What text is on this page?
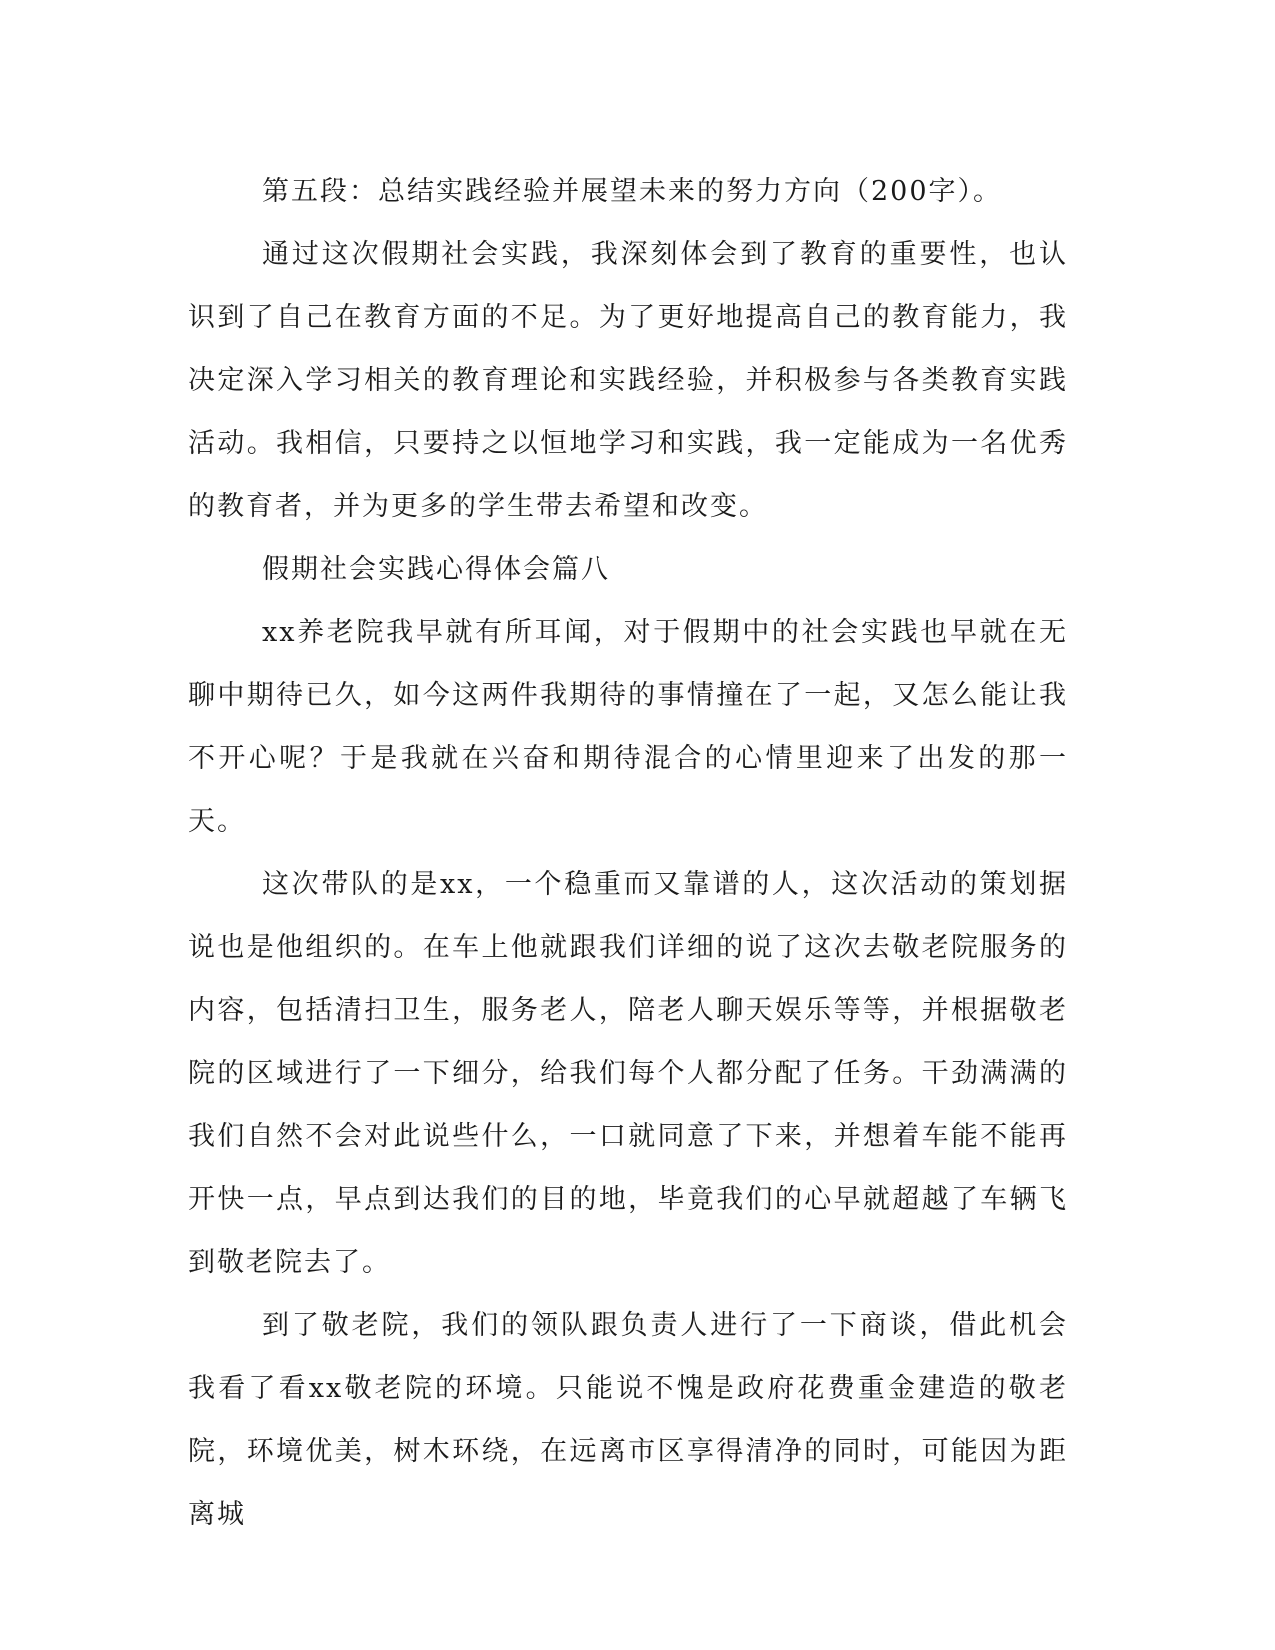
第五段：总结实践经验并展望未来的努力方向（200字）。

通过这次假期社会实践，我深刻体会到了教育的重要性，也认识到了自己在教育方面的不足。为了更好地提高自己的教育能力，我决定深入学习相关的教育理论和实践经验，并积极参与各类教育实践活动。我相信，只要持之以恒地学习和实践，我一定能成为一名优秀的教育者，并为更多的学生带去希望和改变。

假期社会实践心得体会篇八

xx养老院我早就有所耳闻，对于假期中的社会实践也早就在无聊中期待已久，如今这两件我期待的事情撞在了一起，又怎么能让我不开心呢？于是我就在兴奋和期待混合的心情里迎来了出发的那一天。

这次带队的是xx，一个稳重而又靠谱的人，这次活动的策划据说也是他组织的。在车上他就跟我们详细的说了这次去敬老院服务的内容，包括清扫卫生，服务老人，陪老人聊天娱乐等等，并根据敬老院的区域进行了一下细分，给我们每个人都分配了任务。干劲满满的我们自然不会对此说些什么，一口就同意了下来，并想着车能不能再开快一点，早点到达我们的目的地，毕竟我们的心早就超越了车辆飞到敬老院去了。

到了敬老院，我们的领队跟负责人进行了一下商谈，借此机会我看了看xx敬老院的环境。只能说不愧是政府花费重金建造的敬老院，环境优美，树木环绕，在远离市区享得清净的同时，可能因为距离城
